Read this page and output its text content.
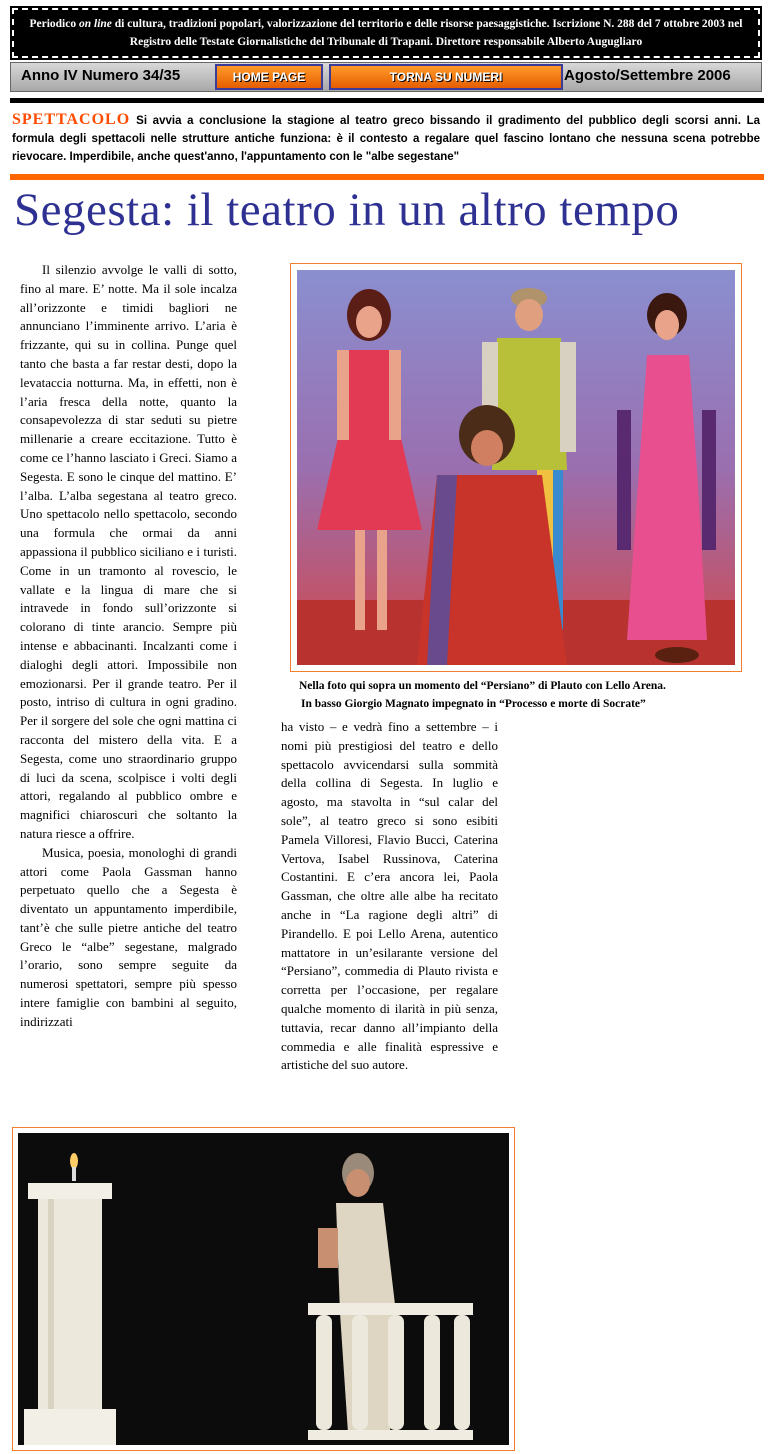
Periodico on line di cultura, tradizioni popolari, valorizzazione del territorio e delle risorse paesaggistiche. Iscrizione N. 288 del 7 ottobre 2003 nel Registro delle Testate Giornalistiche del Tribunale di Trapani. Direttore responsabile Alberto Augugliaro
Anno IV Numero 34/35	HOME PAGE	TORNA SU NUMERI	Agosto/Settembre 2006
SPETTACOLO Si avvia a conclusione la stagione al teatro greco bissando il gradimento del pubblico degli scorsi anni. La formula degli spettacoli nelle strutture antiche funziona: è il contesto a regalare quel fascino lontano che nessuna scena potrebbe rievocare. Imperdibile, anche quest'anno, l'appuntamento con le "albe segestane"
Segesta: il teatro in un altro tempo

Il silenzio avvolge le valli di sotto, fino al mare. E’ notte. Ma il sole incalza all’orizzonte e timidi bagliori ne annunciano l’imminente arrivo. L’aria è frizzante, qui su in collina. Punge quel tanto che basta a far restar desti, dopo la levataccia notturna. Ma, in effetti, non è l’aria fresca della notte, quanto la consapevolezza di star seduti su pietre millenarie a creare eccitazione. Tutto è come ce l’hanno lasciato i Greci. Siamo a Segesta. E sono le cinque del mattino. E’ l’alba. L’alba segestana al teatro greco. Uno spettacolo nello spettacolo, secondo una formula che ormai da anni appassiona il pubblico siciliano e i turisti. Come in un tramonto al rovescio, le vallate e la lingua di mare che si intravede in fondo sull’orizzonte si colorano di tinte arancio. Sempre più intense e abbacinanti. Incalzanti come i dialoghi degli attori. Impossibile non emozionarsi. Per il grande teatro. Per il posto, intriso di cultura in ogni gradino. Per il sorgere del sole che ogni mattina ci racconta del mistero della vita. E a Segesta, come uno straordinario gruppo di luci da scena, scolpisce i volti degli attori, regalando al pubblico ombre e magnifici chiaroscuri che soltanto la natura riesce a offrire.

Musica, poesia, monologhi di grandi attori come Paola Gassman hanno perpetuato quello che a Segesta è diventato un appuntamento imperdibile, tant’è che sulle pietre antiche del teatro Greco le “albe” segestane, malgrado l’orario, sono sempre seguite da numerosi spettatori, sempre più spesso intere famiglie con bambini al seguito, indirizzati

Nella foto qui sopra un momento del “Persiano” di Plauto con Lello Arena.
In basso Giorgio Magnato impegnato in “Processo e morte di Socrate”

ha visto – e vedrà fino a settembre – i nomi più prestigiosi del teatro e dello spettacolo avvicendarsi sulla sommità della collina di Segesta. In luglio e agosto, ma stavolta in “sul calar del sole”, al teatro greco si sono esibiti Pamela Villoresi, Flavio Bucci, Caterina Vertova, Isabel Russinova, Caterina Costantini. E c’era ancora lei, Paola Gassman, che oltre alle albe ha recitato anche in “La ragione degli altri” di Pirandello. E poi Lello Arena, autentico mattatore in un’esilarante versione del “Persiano”, commedia di Plauto rivista e corretta per l’occasione, per regalare qualche momento di ilarità in più senza, tuttavia, recar danno all’impianto della commedia e alle finalità espressive e artistiche del suo autore.
